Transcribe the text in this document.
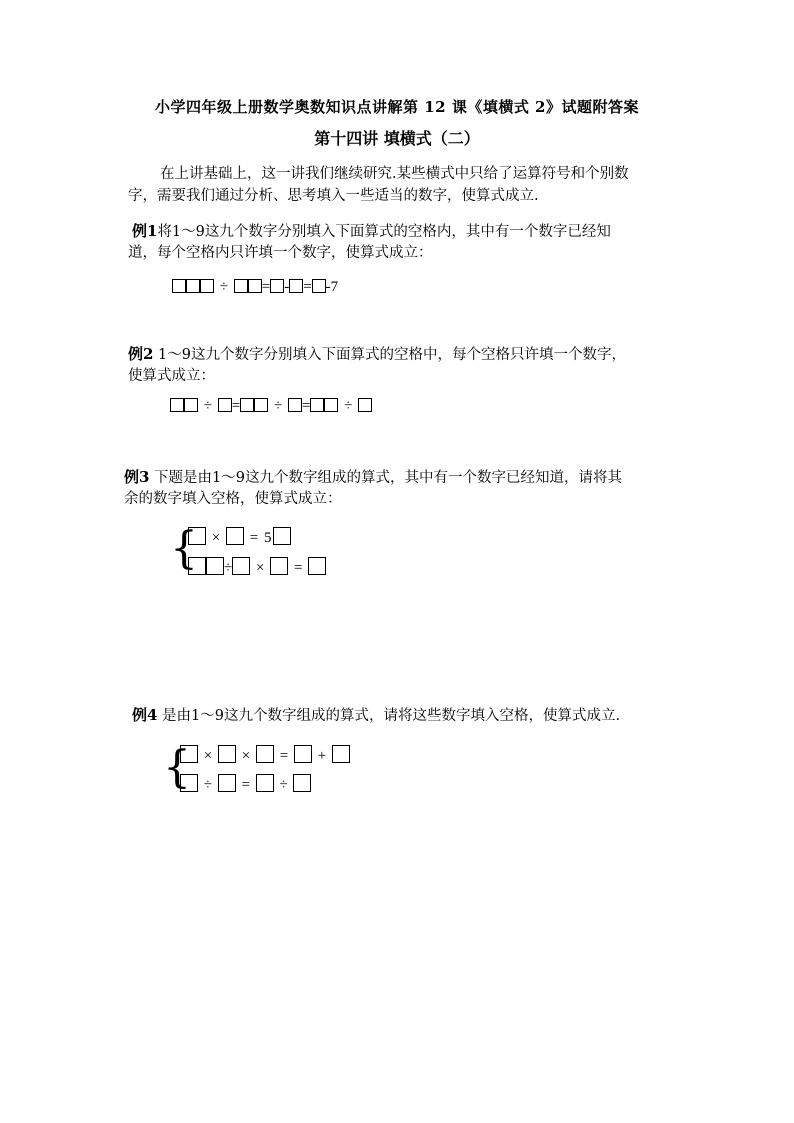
小学四年级上册数学奥数知识点讲解第 12 课《填横式 2》试题附答案
第十四讲 填横式（二）
在上讲基础上，这一讲我们继续研究.某些横式中只给了运算符号和个别数
字，需要我们通过分析、思考填入一些适当的数字，使算式成立.
例1将1～9这九个数字分别填入下面算式的空格内，其中有一个数字已经知
道，每个空格内只许填一个数字，使算式成立：
÷ = - = -7
例2 1～9这九个数字分别填入下面算式的空格中，每个空格只许填一个数字，
使算式成立：
÷ = ÷ = ÷
例3 下题是由1～9这九个数字组成的算式，其中有一个数字已经知道，请将其
余的数字填入空格，使算式成立：
{ × = 5
÷ × =
例4 是由1～9这九个数字组成的算式，请将这些数字填入空格，使算式成立.
{ × × = +
÷ = ÷
